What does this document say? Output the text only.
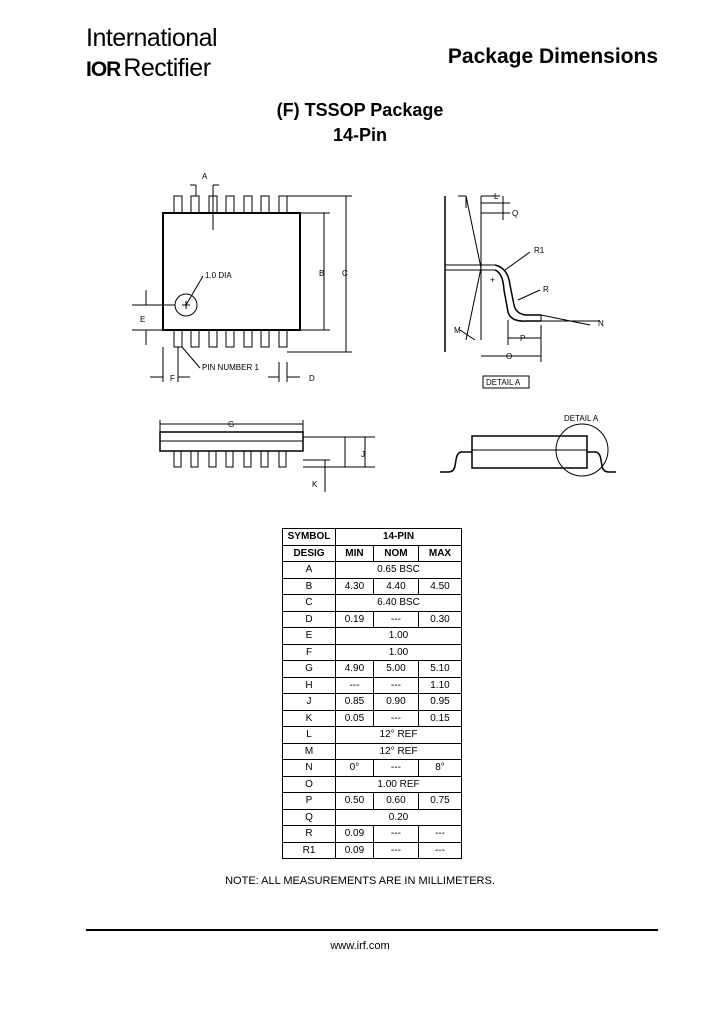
International
IOR Rectifier	Package Dimensions
(F) TSSOP Package
14-Pin
A
B C
D
E
F
G
J
K
L
Q
R1
R
N
M
P
O
1.0 DIA
PIN NUMBER 1
DETAIL A
DETAIL A
+
SYMBOL	14-PIN		
DESIG	MIN	NOM	MAX
A	0.65 BSC		
B	4.30	4.40	4.50
C	6.40 BSC		
D	0.19	---	0.30
E	1.00		
F	1.00		
G	4.90	5.00	5.10
H	---	---	1.10
J	0.85	0.90	0.95
K	0.05	---	0.15
L	12° REF		
M	12° REF		
N	0°	---	8°
O	1.00 REF		
P	0.50	0.60	0.75
Q	0.20		
R	0.09	---	---
R1	0.09	---	---
NOTE: ALL MEASUREMENTS ARE IN MILLIMETERS.
www.irf.com
